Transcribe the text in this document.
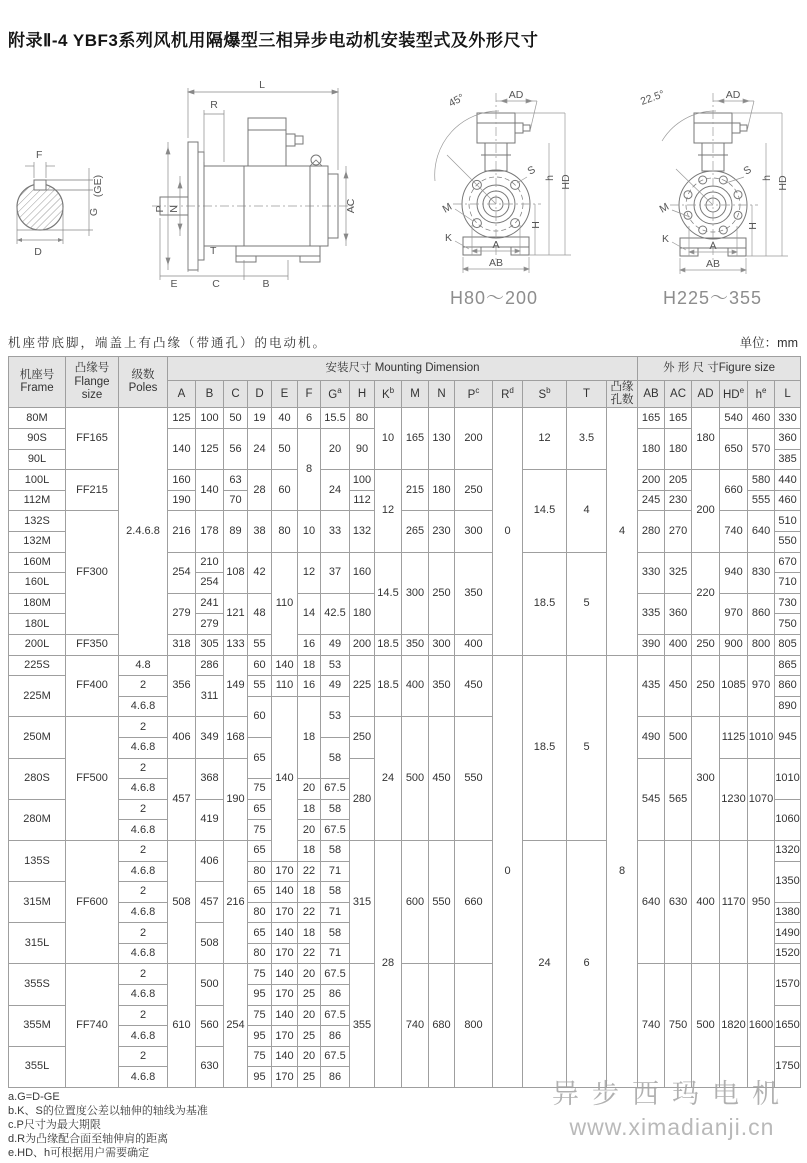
附录Ⅱ-4 YBF3系列风机用隔爆型三相异步电动机安装型式及外形尺寸
F
(GE)
G
D
L
R
P N	AC
T
E	C	B
45°	AD
S
h HD
M
H
K
A
AB
22.5°	AD
S
h HD
M
H
K
A
AB
H80～200	H225～355
机座带底脚，端盖上有凸缘（带通孔）的电动机。	单位：mm
机座号
Frame	凸缘号
Flange size	级数
Poles	安装尺寸 Mounting Dimension																外 形 尺 寸Figure size					
			A	B	C	D	E	F	$G^a$	H	$K^b$	M	N	$P^c$	$R^d$	$S^b$	T	凸缘
孔数	AB	AC	AD	$HD^e$	$h^e$	L
80M	FF165	2.4.6.8	125	100	50	19	40	6	15.5	80	10	165	130	200	0	12	3.5	4	165	165	180	540	460	330
90S			140	125	56	24	50	8	20	90									180	180		650	570	360
90L																								385
100L	FF215		160	140	63	28	60		24	100	12	215	180	250		14.5	4		200	205	200	660	580	440
112M			190		70					112									245	230			555	460
132S	FF300		216	178	89	38	80	10	33	132		265	230	300					280	270		740	640	510
132M																								550
160M			254	210	108	42	110	12	37	160	14.5	300	250	350		18.5	5		330	325	220	940	830	670
160L				254																				710
180M			279	241	121	48		14	42.5	180									335	360		970	860	730
180L				279																				750
200L	FF350		318	305	133	55		16	49	200	18.5	350	300	400					390	400	250	900	800	805
225S	FF400	4.8	356	286	149	60	140	18	53	225	18.5	400	350	450	0	18.5	5	8	435	450	250	1085	970	865
225M		2		311		55	110	16	49															860
		4.6.8				60	140	18	53															890
250M	FF500	2	406	349	168					250	24	500	450	550					490	500	300	1125	1010	945
		4.6.8				65			58															
280S		2	457	368	190					280									545	565		1230	1070	1010
		4.6.8				75		20	67.5															
280M		2		419		65		18	58															1060
		4.6.8				75		20	67.5															
135S	FF600	2	508	406	216	65		18	58	315	28	600	550	660		24	6		640	630	400	1170	950	1320
		4.6.8				80	170	22	71															1350
315M		2		457		65	140	18	58															
		4.6.8				80	170	22	71															1380
315L		2		508		65	140	18	58															1490
		4.6.8				80	170	22	71															1520
355S	FF740	2	610	500	254	75	140	20	67.5	355		740	680	800					740	750	500	1820	1600	1570
		4.6.8				95	170	25	86															
355M		2		560		75	140	20	67.5															1650
		4.6.8				95	170	25	86															
355L		2		630		75	140	20	67.5															1750
		4.6.8				95	170	25	86															
a.G=D-GE
b.K、S的位置度公差以轴伸的轴线为基准
c.P尺寸为最大期限
d.R为凸缘配合面至轴伸肩的距离
e.HD、h可根据用户需要确定
异步西玛电机
www.ximadianji.cn
